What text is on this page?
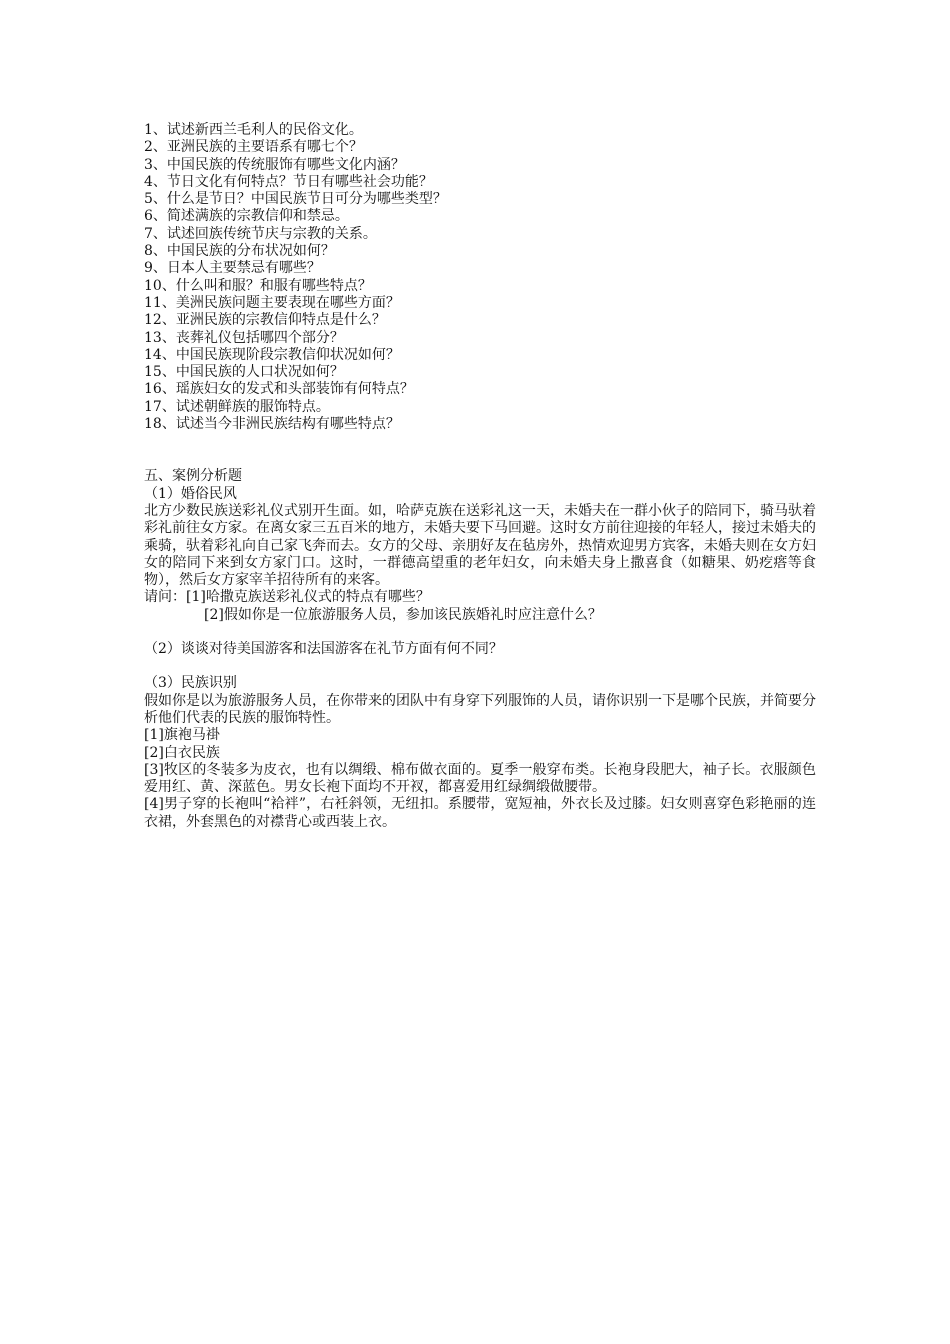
1、试述新西兰毛利人的民俗文化。
2、亚洲民族的主要语系有哪七个？
3、中国民族的传统服饰有哪些文化内涵？
4、节日文化有何特点？节日有哪些社会功能？
5、什么是节日？中国民族节日可分为哪些类型？
6、简述满族的宗教信仰和禁忌。
7、试述回族传统节庆与宗教的关系。
8、中国民族的分布状况如何？
9、日本人主要禁忌有哪些？
10、什么叫和服？和服有哪些特点？
11、美洲民族问题主要表现在哪些方面？
12、亚洲民族的宗教信仰特点是什么？
13、丧葬礼仪包括哪四个部分？
14、中国民族现阶段宗教信仰状况如何？
15、中国民族的人口状况如何？
16、瑶族妇女的发式和头部装饰有何特点？
17、试述朝鲜族的服饰特点。
18、试述当今非洲民族结构有哪些特点？
五、案例分析题
（1）婚俗民风
北方少数民族送彩礼仪式别开生面。如，哈萨克族在送彩礼这一天，未婚夫在一群小伙子的陪同下，骑马驮着彩礼前往女方家。在离女家三五百米的地方，未婚夫要下马回避。这时女方前往迎接的年轻人，接过未婚夫的乘骑，驮着彩礼向自己家飞奔而去。女方的父母、亲朋好友在毡房外，热情欢迎男方宾客，未婚夫则在女方妇女的陪同下来到女方家门口。这时，一群德高望重的老年妇女，向未婚夫身上撒喜食（如糖果、奶疙瘩等食物），然后女方家宰羊招待所有的来客。
请问：[1]哈撒克族送彩礼仪式的特点有哪些？
[2]假如你是一位旅游服务人员，参加该民族婚礼时应注意什么？
（2）谈谈对待美国游客和法国游客在礼节方面有何不同？
（3）民族识别
假如你是以为旅游服务人员，在你带来的团队中有身穿下列服饰的人员，请你识别一下是哪个民族，并简要分析他们代表的民族的服饰特性。
[1]旗袍马褂
[2]白衣民族
[3]牧区的冬装多为皮衣，也有以绸缎、棉布做衣面的。夏季一般穿布类。长袍身段肥大，袖子长。衣服颜色爱用红、黄、深蓝色。男女长袍下面均不开衩，都喜爱用红绿绸缎做腰带。
[4]男子穿的长袍叫“袷袢”，右衽斜领，无纽扣。系腰带，宽短袖，外衣长及过膝。妇女则喜穿色彩艳丽的连衣裙，外套黑色的对襟背心或西装上衣。
